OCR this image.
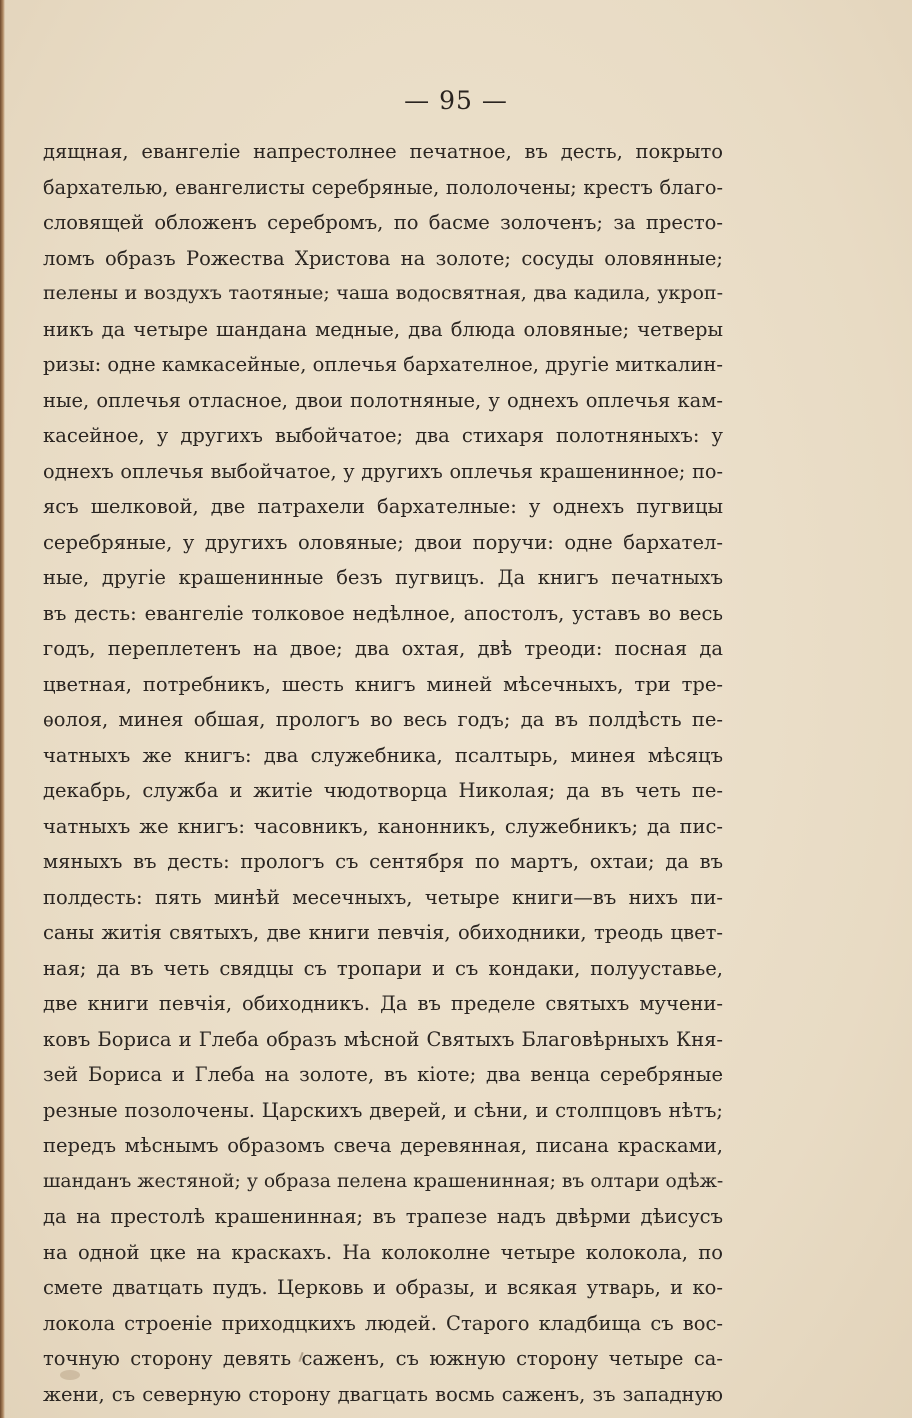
— 95 —
дящная, евангеліе напрестолнее печатное, въ десть, покрыто
бархателью, евангелисты серебряные, пололочены; крестъ благо-
словящей обложенъ серебромъ, по басме золоченъ; за престо-
ломъ образъ Рожества Христова на золоте; сосуды оловянные;
пелены и воздухъ таотяные; чаша водосвятная, два кадила, укроп-
никъ да четыре шандана медные, два блюда оловяные; четверы
ризы: одне камкасейные, оплечья бархателное, другіе миткалин-
ные, оплечья отласное, двои полотняные, у однехъ оплечья кам-
касейное, у другихъ выбойчатое; два стихаря полотняныхъ: у
однехъ оплечья выбойчатое, у другихъ оплечья крашенинное; по-
ясъ шелковой, две патрахели бархателные: у однехъ пугвицы
серебряные, у другихъ оловяные; двои поручи: одне бархател-
ные, другіе крашенинные безъ пугвицъ. Да книгъ печатныхъ
въ десть: евангеліе толковое недѣлное, апостолъ, уставъ во весь
годъ, переплетенъ на двое; два охтая, двѣ треоди: посная да
цветная, потребникъ, шесть книгъ миней мѣсечныхъ, три тре-
ѳолоя, минея обшая, прологъ во весь годъ; да въ полдѣсть пе-
чатныхъ же книгъ: два служебника, псалтырь, минея мѣсяцъ
декабрь, служба и житіе чюдотворца Николая; да въ четь пе-
чатныхъ же книгъ: часовникъ, канонникъ, служебникъ; да пис-
мяныхъ въ десть: прологъ съ сентября по мартъ, охтаи; да въ
полдесть: пять минѣй месечныхъ, четыре книги—въ нихъ пи-
саны житія святыхъ, две книги певчія, обиходники, треодь цвет-
ная; да въ четь свядцы съ тропари и съ кондаки, полууставье,
две книги певчія, обиходникъ. Да въ пределе святыхъ мучени-
ковъ Бориса и Глеба образъ мѣсной Святыхъ Благовѣрныхъ Кня-
зей Бориса и Глеба на золоте, въ кіоте; два венца серебряные
резные позолочены. Царскихъ дверей, и сѣни, и столпцовъ нѣтъ;
передъ мѣснымъ образомъ свеча деревянная, писана красками,
шанданъ жестяной; у образа пелена крашенинная; въ олтари одѣж-
да на престолѣ крашенинная; въ трапезе надъ двѣрми дѣисусъ
на одной цке на краскахъ. На колоколне четыре колокола, по
смете дватцать пудъ. Церковь и образы, и всякая утварь, и ко-
локола строеніе приходцкихъ людей. Старого кладбища съ вос-
точную сторону девять саженъ, съ южную сторону четыре са-
жени, съ северную сторону двагцать восмь саженъ, зъ западную
